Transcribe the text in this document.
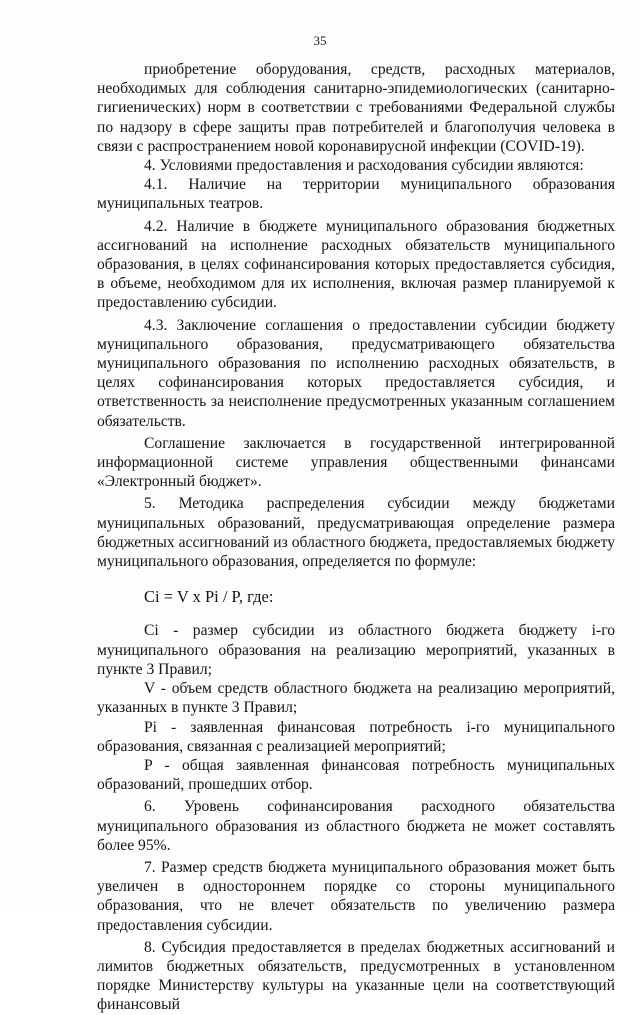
35

приобретение оборудования, средств, расходных материалов, необходимых для соблюдения санитарно-эпидемиологических (санитарно-гигиенических) норм в соответствии с требованиями Федеральной службы по надзору в сфере защиты прав потребителей и благополучия человека в связи с распространением новой коронавирусной инфекции (COVID-19).

4. Условиями предоставления и расходования субсидии являются:

4.1. Наличие на территории муниципального образования муниципальных театров.

4.2. Наличие в бюджете муниципального образования бюджетных ассигнований на исполнение расходных обязательств муниципального образования, в целях софинансирования которых предоставляется субсидия, в объеме, необходимом для их исполнения, включая размер планируемой к предоставлению субсидии.

4.3. Заключение соглашения о предоставлении субсидии бюджету муниципального образования, предусматривающего обязательства муниципального образования по исполнению расходных обязательств, в целях софинансирования которых предоставляется субсидия, и ответственность за неисполнение предусмотренных указанным соглашением обязательств.

Соглашение заключается в государственной интегрированной информационной системе управления общественными финансами «Электронный бюджет».

5. Методика распределения субсидии между бюджетами муниципальных образований, предусматривающая определение размера бюджетных ассигнований из областного бюджета, предоставляемых бюджету муниципального образования, определяется по формуле:

Ci = V x Pi / P, где:

Ci - размер субсидии из областного бюджета бюджету i-го муниципального образования на реализацию мероприятий, указанных в пункте 3 Правил;

V - объем средств областного бюджета на реализацию мероприятий, указанных в пункте 3 Правил;

Pi - заявленная финансовая потребность i-го муниципального образования, связанная с реализацией мероприятий;

P - общая заявленная финансовая потребность муниципальных образований, прошедших отбор.

6. Уровень софинансирования расходного обязательства муниципального образования из областного бюджета не может составлять более 95%.

7. Размер средств бюджета муниципального образования может быть увеличен в одностороннем порядке со стороны муниципального образования, что не влечет обязательств по увеличению размера предоставления субсидии.

8. Субсидия предоставляется в пределах бюджетных ассигнований и лимитов бюджетных обязательств, предусмотренных в установленном порядке Министерству культуры на указанные цели на соответствующий финансовый
